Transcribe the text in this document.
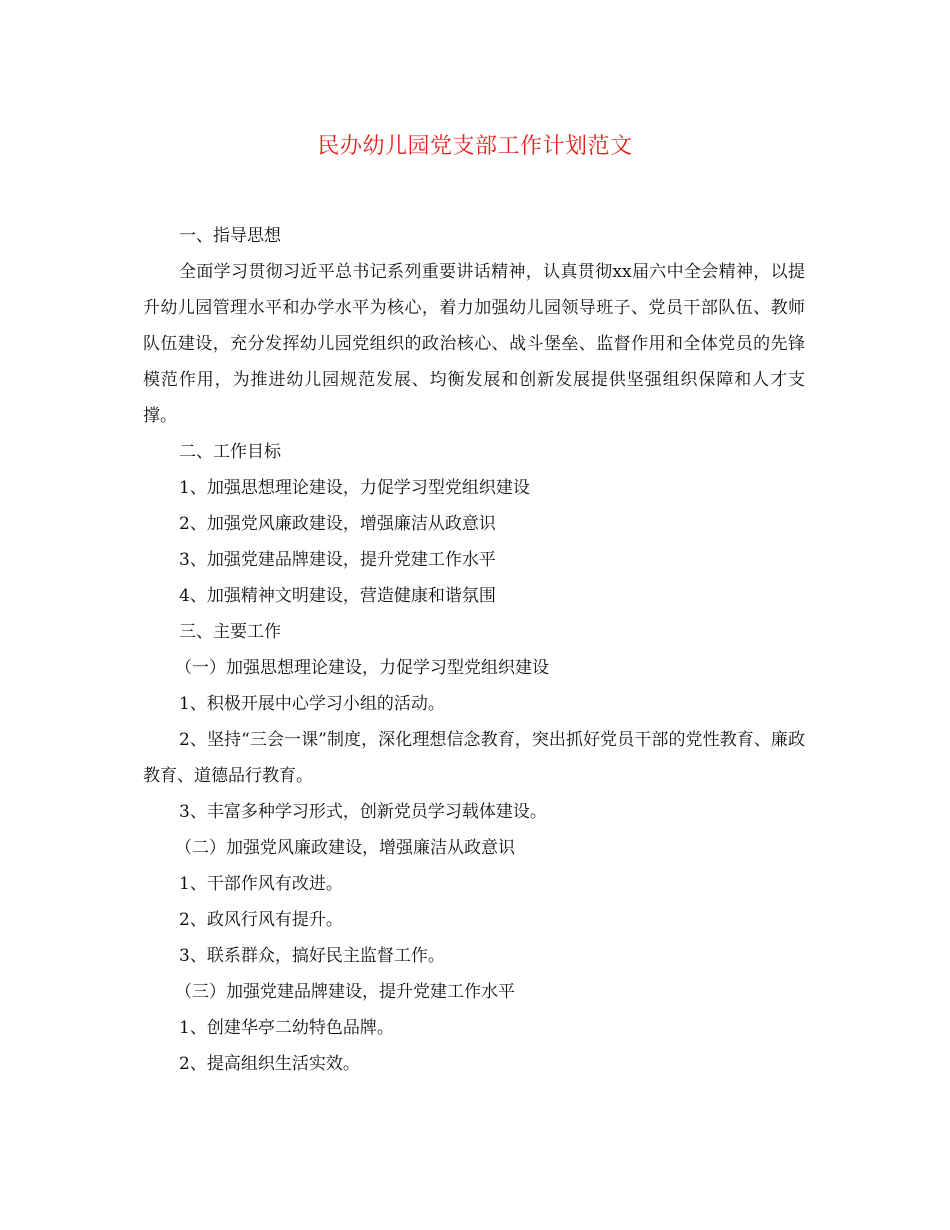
民办幼儿园党支部工作计划范文

一、指导思想

全面学习贯彻习近平总书记系列重要讲话精神，认真贯彻xx届六中全会精神，以提升幼儿园管理水平和办学水平为核心，着力加强幼儿园领导班子、党员干部队伍、教师队伍建设，充分发挥幼儿园党组织的政治核心、战斗堡垒、监督作用和全体党员的先锋模范作用，为推进幼儿园规范发展、均衡发展和创新发展提供坚强组织保障和人才支撑。

二、工作目标

1、加强思想理论建设，力促学习型党组织建设

2、加强党风廉政建设，增强廉洁从政意识

3、加强党建品牌建设，提升党建工作水平

4、加强精神文明建设，营造健康和谐氛围

三、主要工作

（一）加强思想理论建设，力促学习型党组织建设

1、积极开展中心学习小组的活动。

2、坚持“三会一课”制度，深化理想信念教育，突出抓好党员干部的党性教育、廉政教育、道德品行教育。

3、丰富多种学习形式，创新党员学习载体建设。

（二）加强党风廉政建设，增强廉洁从政意识

1、干部作风有改进。

2、政风行风有提升。

3、联系群众，搞好民主监督工作。

（三）加强党建品牌建设，提升党建工作水平

1、创建华亭二幼特色品牌。

2、提高组织生活实效。
